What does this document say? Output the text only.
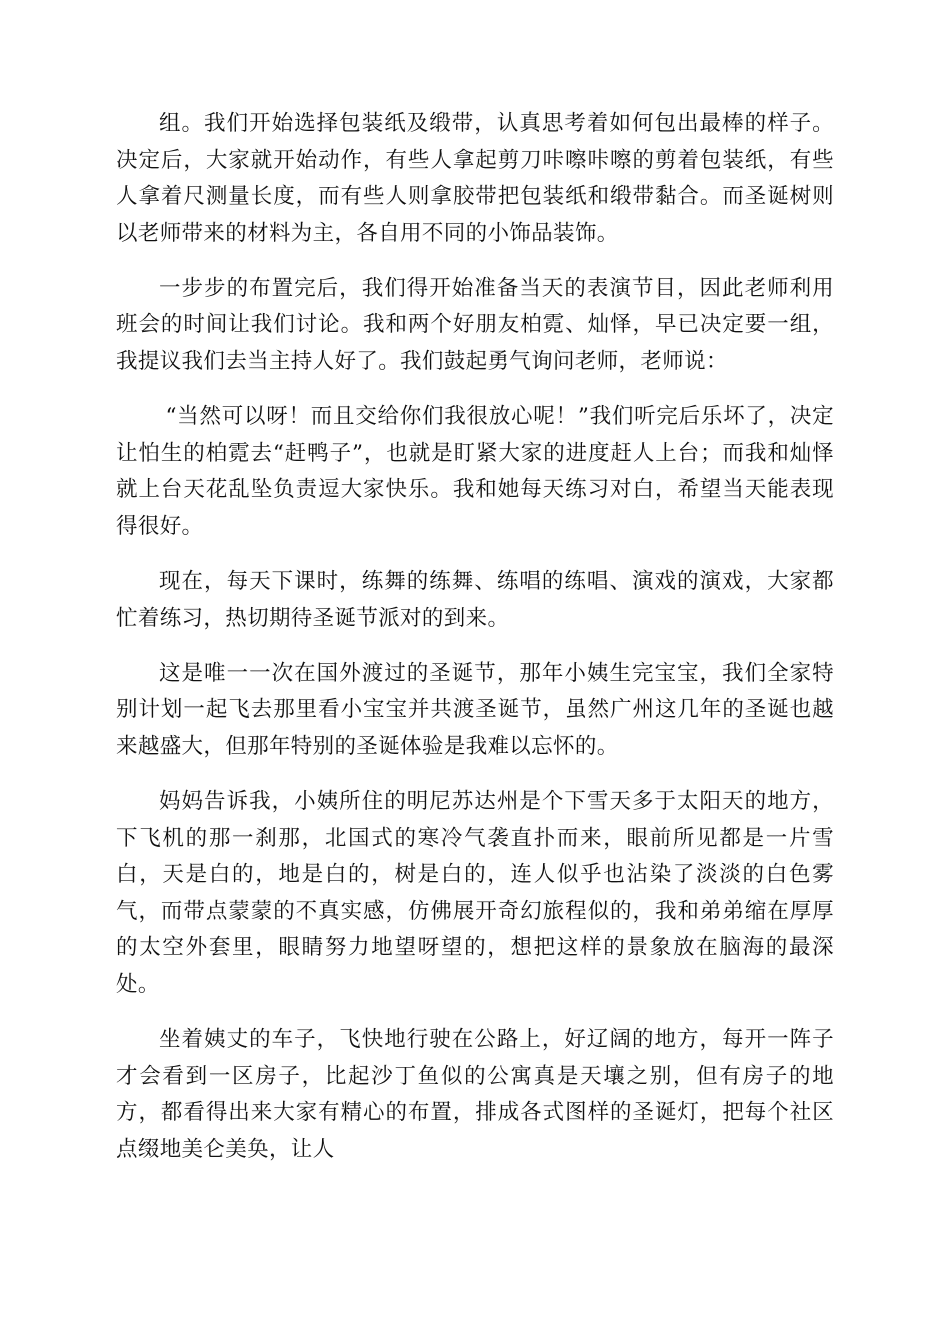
组。我们开始选择包装纸及缎带，认真思考着如何包出最棒的样子。决定后，大家就开始动作，有些人拿起剪刀咔嚓咔嚓的剪着包装纸，有些人拿着尺测量长度，而有些人则拿胶带把包装纸和缎带黏合。而圣诞树则以老师带来的材料为主，各自用不同的小饰品装饰。

一步步的布置完后，我们得开始准备当天的表演节目，因此老师利用班会的时间让我们讨论。我和两个好朋友柏霓、灿怿，早已决定要一组，我提议我们去当主持人好了。我们鼓起勇气询问老师，老师说：

“当然可以呀！而且交给你们我很放心呢！”我们听完后乐坏了，决定让怕生的柏霓去“赶鸭子”，也就是盯紧大家的进度赶人上台；而我和灿怿就上台天花乱坠负责逗大家快乐。我和她每天练习对白，希望当天能表现得很好。

现在，每天下课时，练舞的练舞、练唱的练唱、演戏的演戏，大家都忙着练习，热切期待圣诞节派对的到来。

这是唯一一次在国外渡过的圣诞节，那年小姨生完宝宝，我们全家特别计划一起飞去那里看小宝宝并共渡圣诞节，虽然广州这几年的圣诞也越来越盛大，但那年特别的圣诞体验是我难以忘怀的。

妈妈告诉我，小姨所住的明尼苏达州是个下雪天多于太阳天的地方，下飞机的那一刹那，北国式的寒冷气袭直扑而来，眼前所见都是一片雪白，天是白的，地是白的，树是白的，连人似乎也沾染了淡淡的白色雾气，而带点蒙蒙的不真实感，仿佛展开奇幻旅程似的，我和弟弟缩在厚厚的太空外套里，眼睛努力地望呀望的，想把这样的景象放在脑海的最深处。

坐着姨丈的车子，飞快地行驶在公路上，好辽阔的地方，每开一阵子才会看到一区房子，比起沙丁鱼似的公寓真是天壤之别，但有房子的地方，都看得出来大家有精心的布置，排成各式图样的圣诞灯，把每个社区点缀地美仑美奂，让人
